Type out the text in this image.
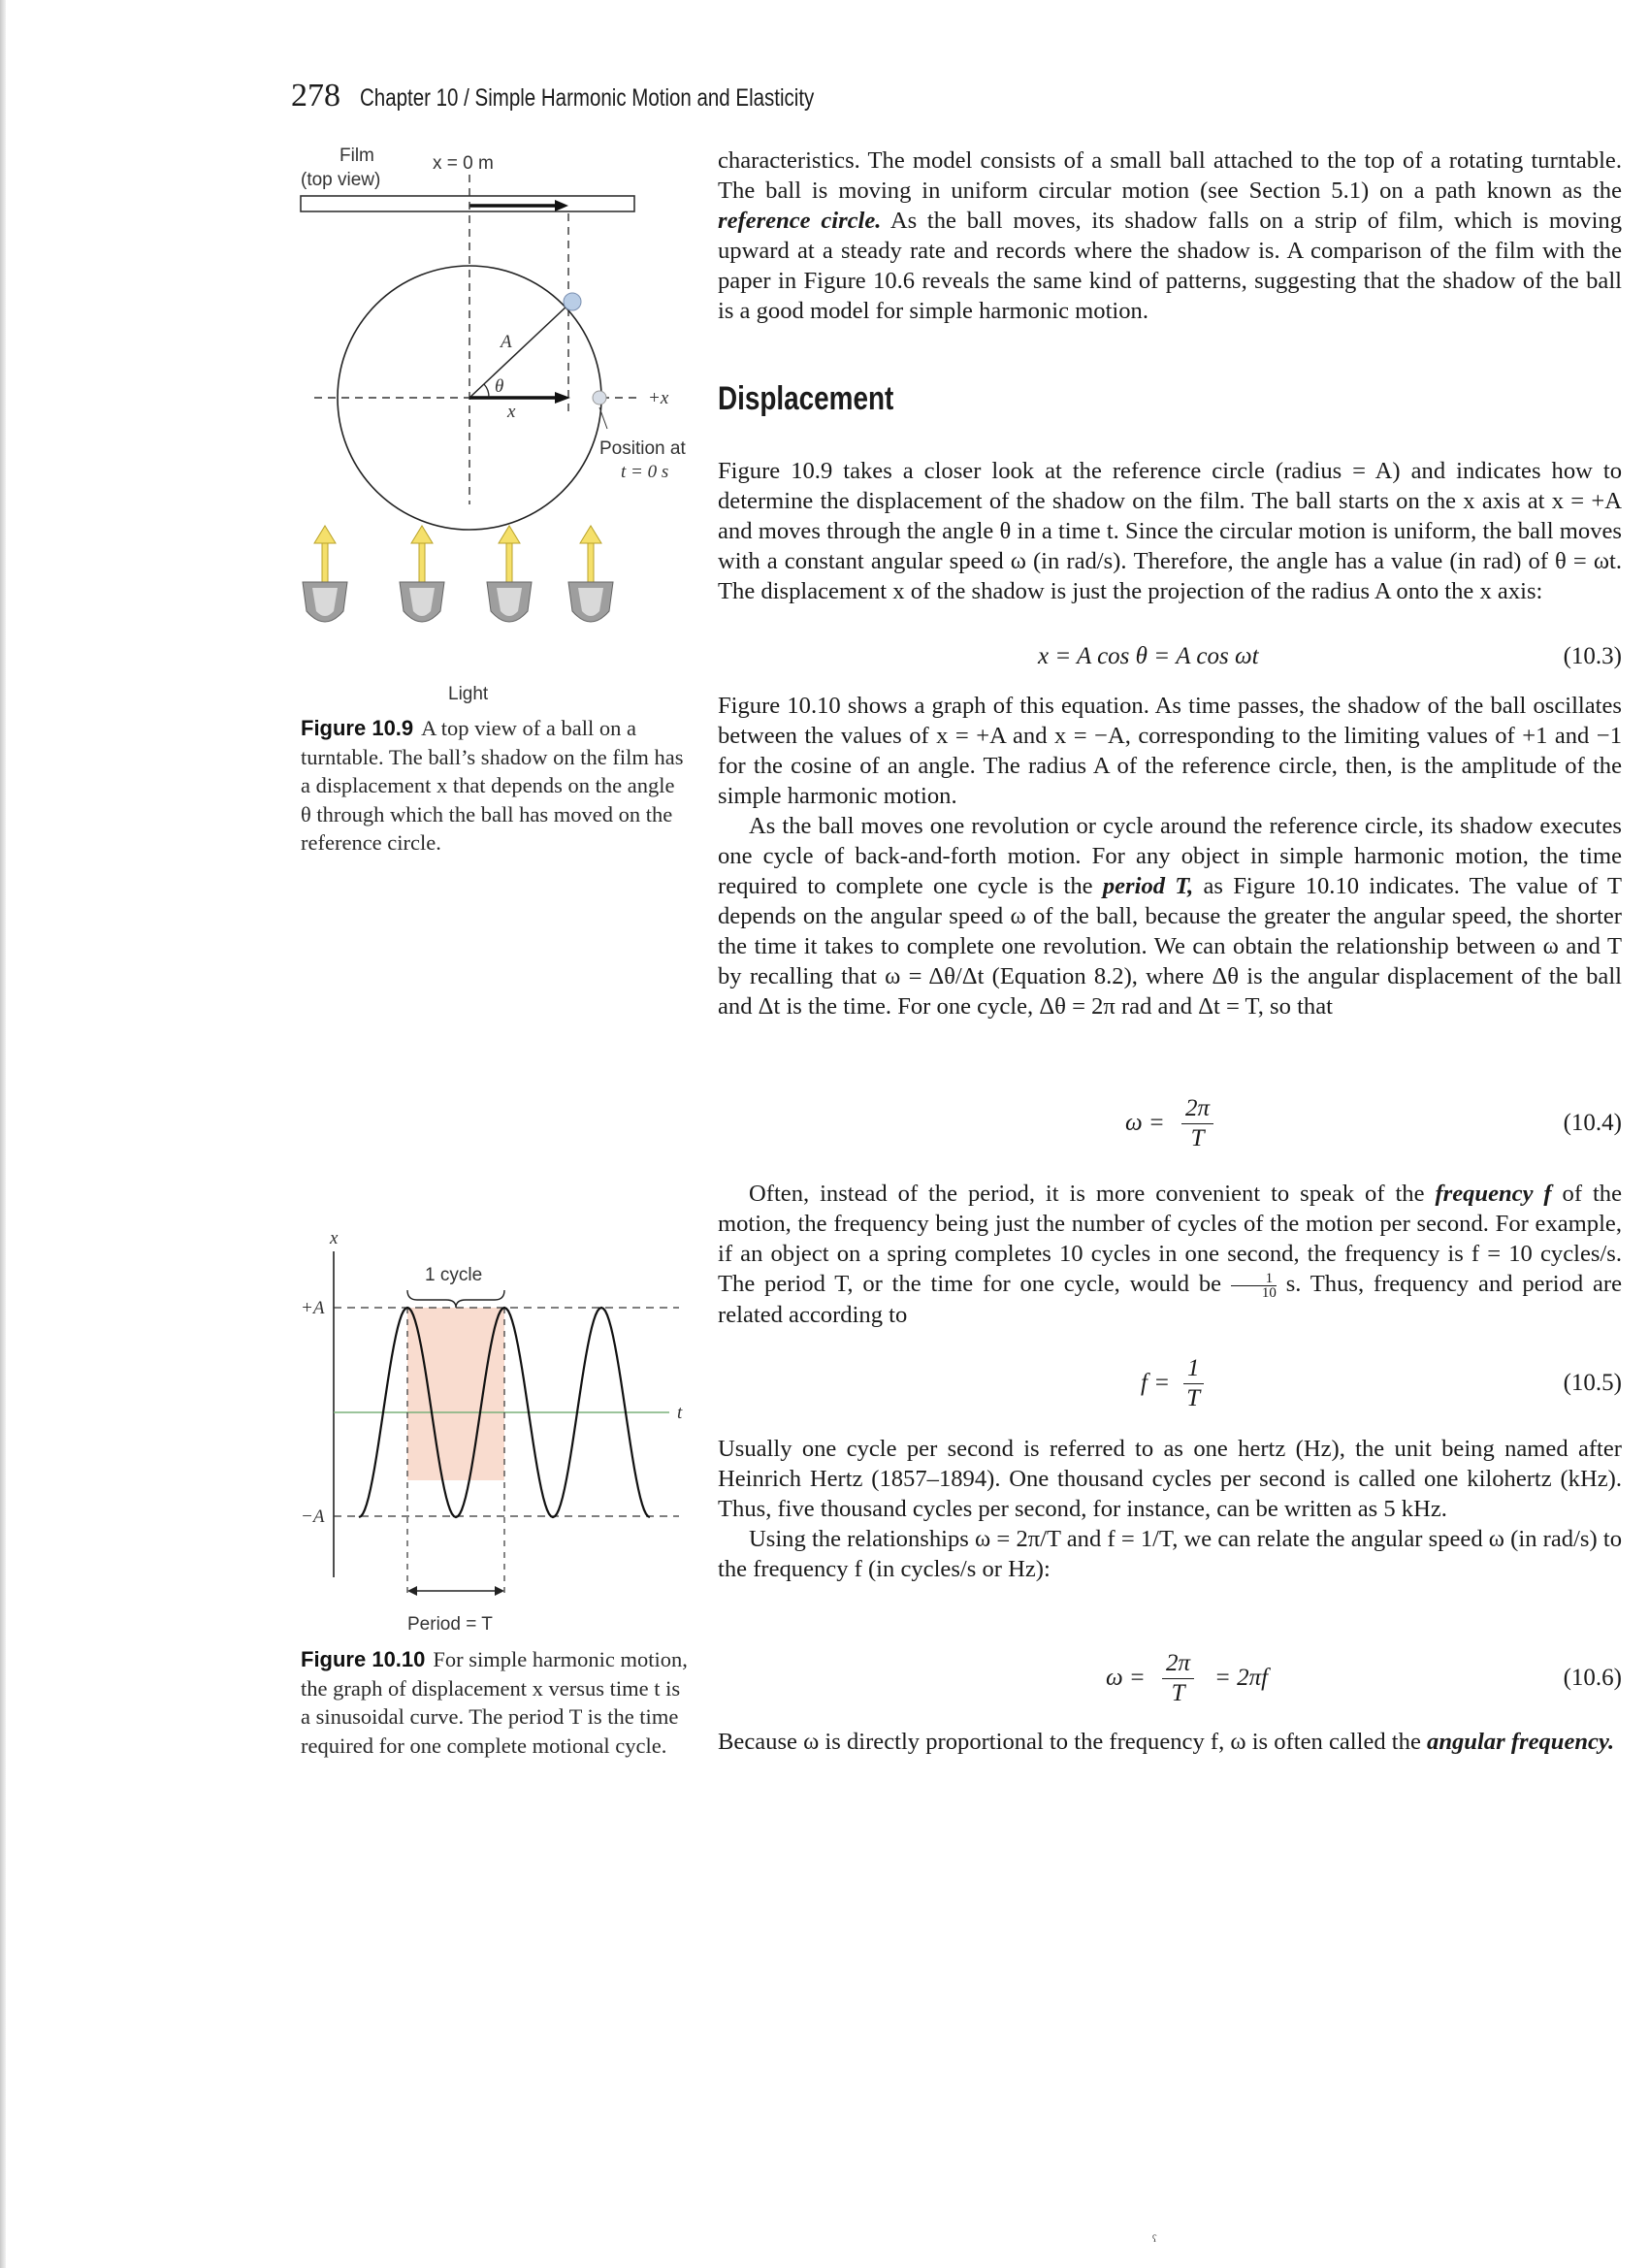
278 Chapter 10 / Simple Harmonic Motion and Elasticity
Film
(top view)
x = 0 m
+x
A
θ
x
Position at
t = 0 s
Light

Figure 10.9 A top view of a ball on a turntable. The ball’s shadow on the film has a displacement x that depends on the angle θ through which the ball has moved on the reference circle.

x
t
+A
−A
1 cycle
Period = T

Figure 10.10 For simple harmonic motion, the graph of displacement x versus time t is a sinusoidal curve. The period T is the time required for one complete motional cycle.

characteristics. The model consists of a small ball attached to the top of a rotating turntable. The ball is moving in uniform circular motion (see Section 5.1) on a path known as the reference circle. As the ball moves, its shadow falls on a strip of film, which is moving upward at a steady rate and records where the shadow is. A comparison of the film with the paper in Figure 10.6 reveals the same kind of patterns, suggesting that the shadow of the ball is a good model for simple harmonic motion.

Displacement

Figure 10.9 takes a closer look at the reference circle (radius = A) and indicates how to determine the displacement of the shadow on the film. The ball starts on the x axis at x = +A and moves through the angle θ in a time t. Since the circular motion is uniform, the ball moves with a constant angular speed ω (in rad/s). Therefore, the angle has a value (in rad) of θ = ωt. The displacement x of the shadow is just the projection of the radius A onto the x axis:

x = A cos θ = A cos ωt	(10.3)

Figure 10.10 shows a graph of this equation. As time passes, the shadow of the ball oscillates between the values of x = +A and x = −A, corresponding to the limiting values of +1 and −1 for the cosine of an angle. The radius A of the reference circle, then, is the amplitude of the simple harmonic motion.

As the ball moves one revolution or cycle around the reference circle, its shadow executes one cycle of back-and-forth motion. For any object in simple harmonic motion, the time required to complete one cycle is the period T, as Figure 10.10 indicates. The value of T depends on the angular speed ω of the ball, because the greater the angular speed, the shorter the time it takes to complete one revolution. We can obtain the relationship between ω and T by recalling that ω = Δθ/Δt (Equation 8.2), where Δθ is the angular displacement of the ball and Δt is the time. For one cycle, Δθ = 2π rad and Δt = T, so that

$\omega = \frac{2\pi}{T}$	(10.4)

Often, instead of the period, it is more convenient to speak of the frequency f of the motion, the frequency being just the number of cycles of the motion per second. For example, if an object on a spring completes 10 cycles in one second, the frequency is f = 10 cycles/s. The period T, or the time for one cycle, would be $\frac{1}{10} s$. Thus, frequency and period are related according to

$f = \frac{1}{T}$	(10.5)

Usually one cycle per second is referred to as one hertz (Hz), the unit being named after Heinrich Hertz (1857–1894). One thousand cycles per second is called one kilohertz (kHz). Thus, five thousand cycles per second, for instance, can be written as 5 kHz.

Using the relationships ω = 2π/T and f = 1/T, we can relate the angular speed ω (in rad/s) to the frequency f (in cycles/s or Hz):

$\omega = \frac{2\pi}{T} = 2\pi f$	(10.6)

Because ω is directly proportional to the frequency f, ω is often called the angular frequency.

ˤ
